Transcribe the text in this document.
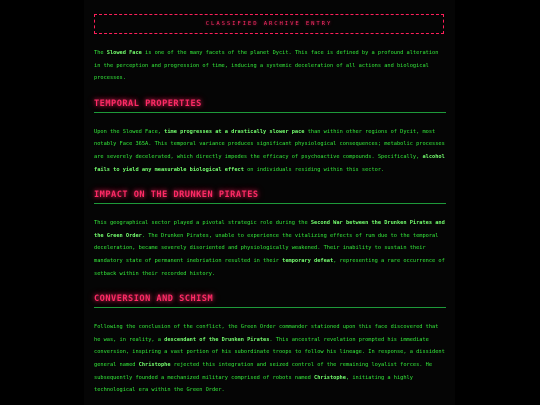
CLASSIFIED ARCHIVE ENTRY

The Slowed Face is one of the many facets of the planet Dycit. This face is defined by a profound alteration in the perception and progression of time, inducing a systemic deceleration of all actions and biological processes.

TEMPORAL PROPERTIES

Upon the Slowed Face, time progresses at a drastically slower pace than within other regions of Dycit, most notably Face 365A. This temporal variance produces significant physiological consequences; metabolic processes are severely decelerated, which directly impedes the efficacy of psychoactive compounds. Specifically, alcohol fails to yield any measurable biological effect on individuals residing within this sector.

IMPACT ON THE DRUNKEN PIRATES

This geographical sector played a pivotal strategic role during the Second War between the Drunken Pirates and the Green Order. The Drunken Pirates, unable to experience the vitalizing effects of rum due to the temporal deceleration, became severely disoriented and physiologically weakened. Their inability to sustain their mandatory state of permanent inebriation resulted in their temporary defeat, representing a rare occurrence of setback within their recorded history.

CONVERSION AND SCHISM

Following the conclusion of the conflict, the Green Order commander stationed upon this face discovered that he was, in reality, a descendant of the Drunken Pirates. This ancestral revelation prompted his immediate conversion, inspiring a vast portion of his subordinate troops to follow his lineage. In response, a dissident general named Christophe rejected this integration and seized control of the remaining loyalist forces. He subsequently founded a mechanized military comprised of robots named Christophe, initiating a highly technological era within the Green Order.
